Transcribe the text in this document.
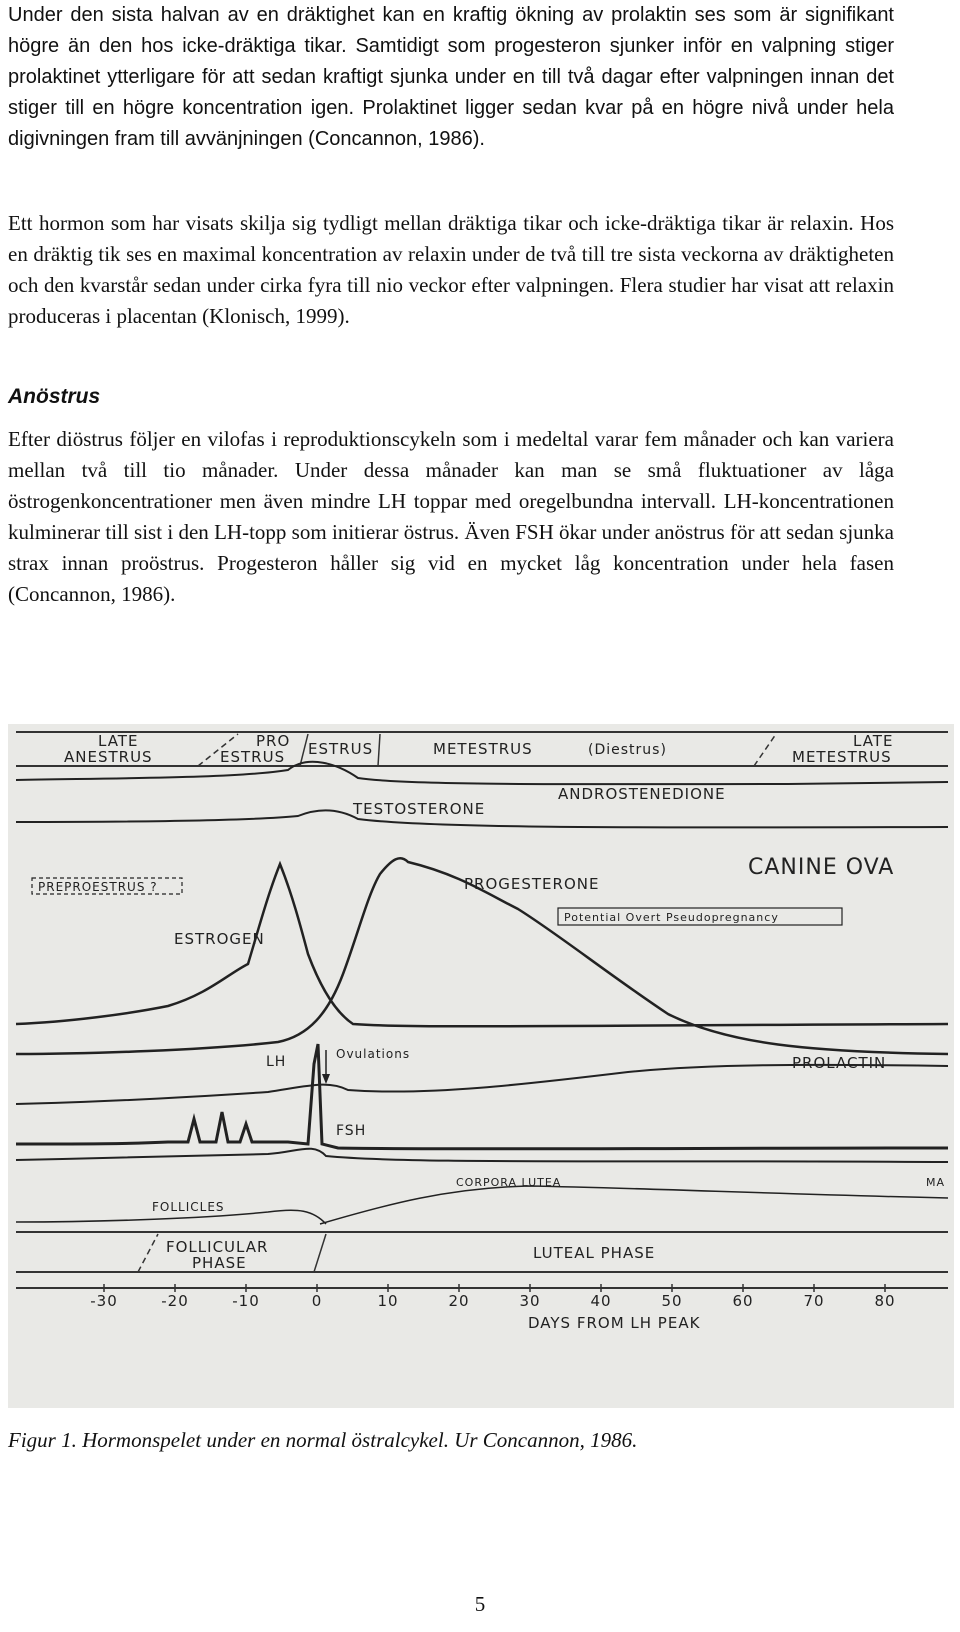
Under den sista halvan av en dräktighet kan en kraftig ökning av prolaktin ses som är signifikant högre än den hos icke-dräktiga tikar. Samtidigt som progesteron sjunker inför en valpning stiger prolaktinet ytterligare för att sedan kraftigt sjunka under en till två dagar efter valpningen innan det stiger till en högre koncentration igen. Prolaktinet ligger sedan kvar på en högre nivå under hela digivningen fram till avvänjningen (Concannon, 1986).

Ett hormon som har visats skilja sig tydligt mellan dräktiga tikar och icke-dräktiga tikar är relaxin. Hos en dräktig tik ses en maximal koncentration av relaxin under de två till tre sista veckorna av dräktigheten och den kvarstår sedan under cirka fyra till nio veckor efter valpningen. Flera studier har visat att relaxin produceras i placentan (Klonisch, 1999).

Anöstrus

Efter diöstrus följer en vilofas i reproduktionscykeln som i medeltal varar fem månader och kan variera mellan två till tio månader. Under dessa månader kan man se små fluktuationer av låga östrogenkoncentrationer men även mindre LH toppar med oregelbundna intervall. LH-koncentrationen kulminerar till sist i den LH-topp som initierar östrus. Även FSH ökar under anöstrus för att sedan sjunka strax innan proöstrus. Progesteron håller sig vid en mycket låg koncentration under hela fasen (Concannon, 1986).

LATE
ANESTRUS
PRO
ESTRUS ESTRUS	METESTRUS	(Diestrus)	LATE
METESTRUS
ANDROSTENEDIONE
TESTOSTERONE
CANINE OVA
PREPROESTRUS ?	PROGESTERONE
Potential Overt Pseudopregnancy
ESTROGEN
PROLACTIN
LH	Ovulations
FSH
CORPORA LUTEA	MA
FOLLICLES
FOLLICULAR
PHASE
LUTEAL PHASE
-30	-20	-10	0	10	20	30	40	50	60	70	80
DAYS FROM LH PEAK

Figur 1. Hormonspelet under en normal östralcykel. Ur Concannon, 1986.

5
